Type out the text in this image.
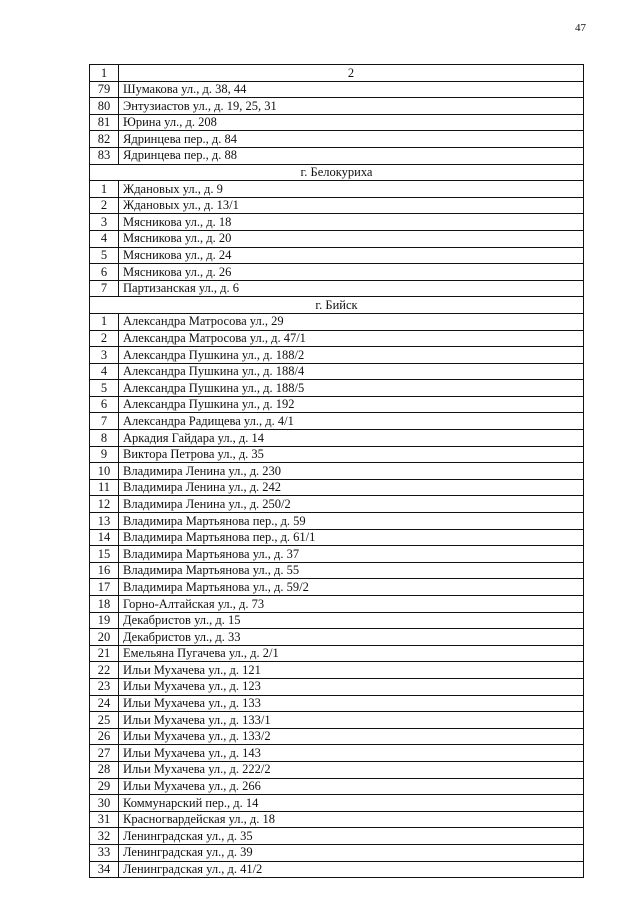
47
1	2
79	Шумакова ул., д. 38, 44
80	Энтузиастов ул., д. 19, 25, 31
81	Юрина ул., д. 208
82	Ядринцева пер., д. 84
83	Ядринцева пер., д. 88
г. Белокуриха	
1	Ждановых ул., д. 9
2	Ждановых ул., д. 13/1
3	Мясникова ул., д. 18
4	Мясникова ул., д. 20
5	Мясникова ул., д. 24
6	Мясникова ул., д. 26
7	Партизанская ул., д. 6
г. Бийск	
1	Александра Матросова ул., 29
2	Александра Матросова ул., д. 47/1
3	Александра Пушкина ул., д. 188/2
4	Александра Пушкина ул., д. 188/4
5	Александра Пушкина ул., д. 188/5
6	Александра Пушкина ул., д. 192
7	Александра Радищева ул., д. 4/1
8	Аркадия Гайдара ул., д. 14
9	Виктора Петрова ул., д. 35
10	Владимира Ленина ул., д. 230
11	Владимира Ленина ул., д. 242
12	Владимира Ленина ул., д. 250/2
13	Владимира Мартьянова пер., д. 59
14	Владимира Мартьянова пер., д. 61/1
15	Владимира Мартьянова ул., д. 37
16	Владимира Мартьянова ул., д. 55
17	Владимира Мартьянова ул., д. 59/2
18	Горно-Алтайская ул., д. 73
19	Декабристов ул., д. 15
20	Декабристов ул., д. 33
21	Емельяна Пугачева ул., д. 2/1
22	Ильи Мухачева ул., д. 121
23	Ильи Мухачева ул., д. 123
24	Ильи Мухачева ул., д. 133
25	Ильи Мухачева ул., д. 133/1
26	Ильи Мухачева ул., д. 133/2
27	Ильи Мухачева ул., д. 143
28	Ильи Мухачева ул., д. 222/2
29	Ильи Мухачева ул., д. 266
30	Коммунарский пер., д. 14
31	Красногвардейская ул., д. 18
32	Ленинградская ул., д. 35
33	Ленинградская ул., д. 39
34	Ленинградская ул., д. 41/2
